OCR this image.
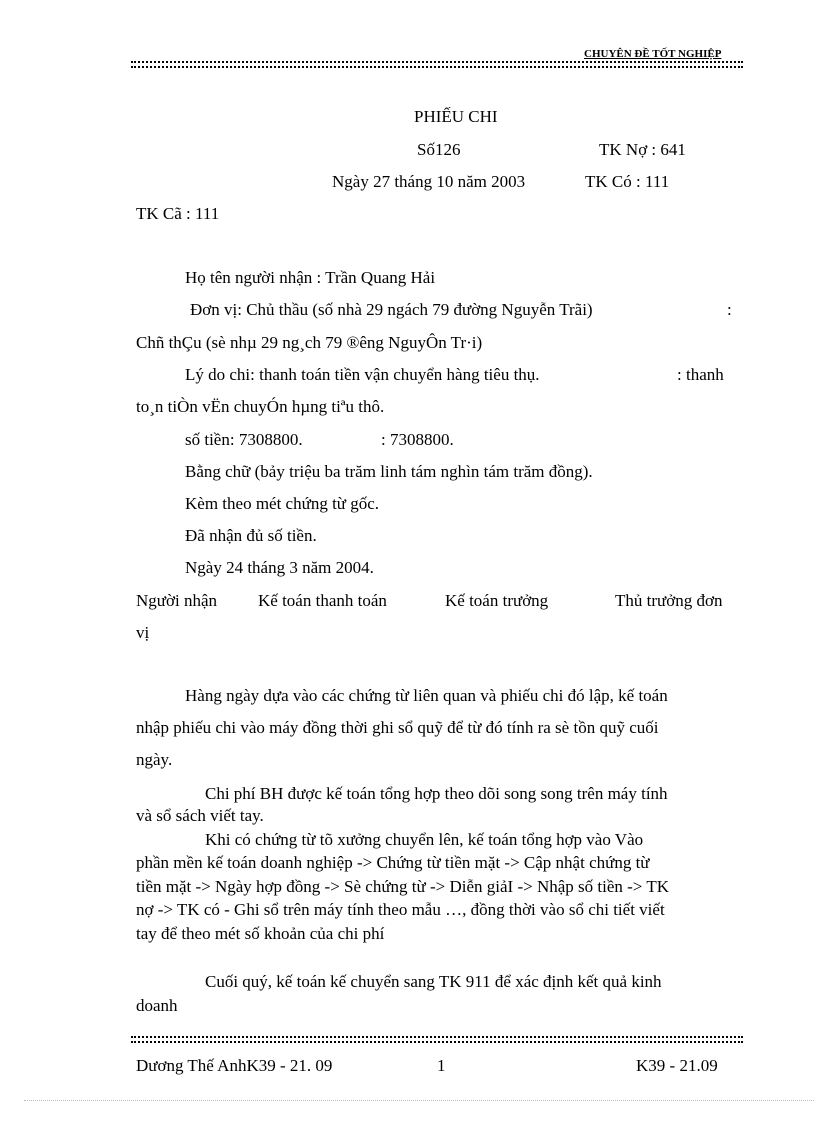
CHUYÊN ĐỀ TỐT NGHIỆP
PHIẾU CHI
Số126	TK Nợ : 641
Ngày 27 tháng 10 năm 2003	TK Có : 111
TK Cã : 111
Họ tên người nhận : Trần Quang Hải
Đơn vị: Chủ thầu (số nhà 29 ngách 79 đường Nguyễn Trãi)	:
Chñ thÇu (sè nhµ 29 ng¸ch 79 ®êng NguyÔn Tr·i)
Lý do chi: thanh toán tiền vận chuyển hàng tiêu thụ.	: thanh
to¸n tiÒn vËn chuyÓn hµng tiªu thô.
số tiền: 7308800.	: 7308800.
Bằng chữ (bảy triệu ba trăm linh tám nghìn tám trăm đồng).
Kèm theo mét chứng từ gốc.
Đã nhận đủ số tiền.
Ngày 24 tháng 3 năm 2004.
Người nhận Kế toán thanh toán	Kế toán trưởng	Thủ trưởng đơn
vị
Hàng ngày dựa vào các chứng từ liên quan và phiếu chi đó lập, kế toán
nhập phiếu chi vào máy đồng thời ghi sổ quỹ để từ đó tính ra sè tồn quỹ cuối
ngày.
Chi phí BH được kế toán tổng hợp theo dõi song song trên máy tính
và sổ sách viết tay.
Khi có chứng từ tõ xưởng chuyển lên, kế toán tổng hợp vào Vào
phần mền kế toán doanh nghiệp -> Chứng từ tiền mặt -> Cập nhật chứng từ
tiền mặt -> Ngày hợp đồng -> Sè chứng từ -> Diễn giảI -> Nhập số tiền -> TK
nợ -> TK có - Ghi sổ trên máy tính theo mẫu …, đồng thời vào sổ chi tiết viết
tay để theo mét số khoản của chi phí
Cuối quý, kế toán kế chuyển sang TK 911 để xác định kết quả kinh
doanh
Dương Thế AnhK39 - 21. 09	1	K39 - 21.09
